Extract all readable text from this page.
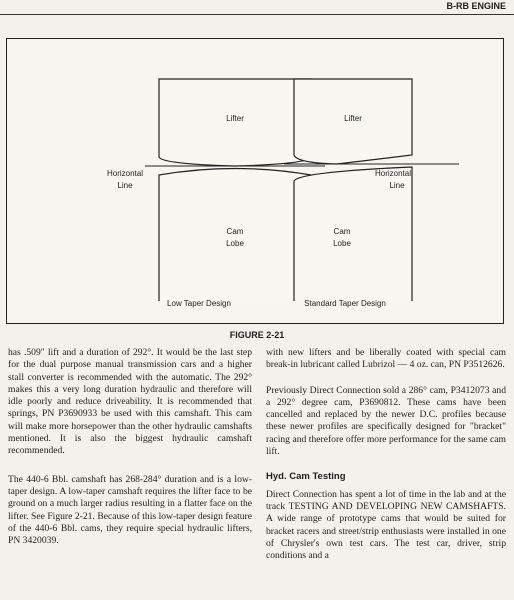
B-RB ENGINE
Lifter
Horizontal
Line
Cam
Lobe
Low Taper Design
Lifter
Horizontal
Line
Cam
Lobe
Standard Taper Design
FIGURE 2-21

has .509" lift and a duration of 292°. It would be the last step for the dual purpose manual transmission cars and a higher stall converter is recommended with the automatic. The 292° makes this a very long duration hydraulic and therefore will idle poorly and reduce driveability. It is recommended that springs, PN P3690933 be used with this camshaft. This cam will make more horsepower than the other hydraulic camshafts mentioned. It is also the biggest hydraulic camshaft recommended.

The 440-6 Bbl. camshaft has 268-284° duration and is a low-taper design. A low-taper camshaft requires the lifter face to be ground on a much larger radius resulting in a flatter face on the lifter. See Figure 2-21. Because of this low-taper design feature of the 440-6 Bbl. cams, they require special hydraulic lifters, PN 3420039.

with new lifters and be liberally coated with special cam break-in lubricant called Lubrizol — 4 oz. can, PN P3512626.

Previously Direct Connection sold a 286° cam, P3412073 and a 292° degree cam, P3690812. These cams have been cancelled and replaced by the newer D.C. profiles because these newer profiles are specifically designed for "bracket" racing and therefore offer more performance for the same cam lift.

Hyd. Cam Testing

Direct Connection has spent a lot of time in the lab and at the track TESTING AND DEVELOPING NEW CAMSHAFTS. A wide range of prototype cams that would be suited for bracket racers and street/strip enthusiasts were installed in one of Chrysler's own test cars. The test car, driver, strip conditions and a
